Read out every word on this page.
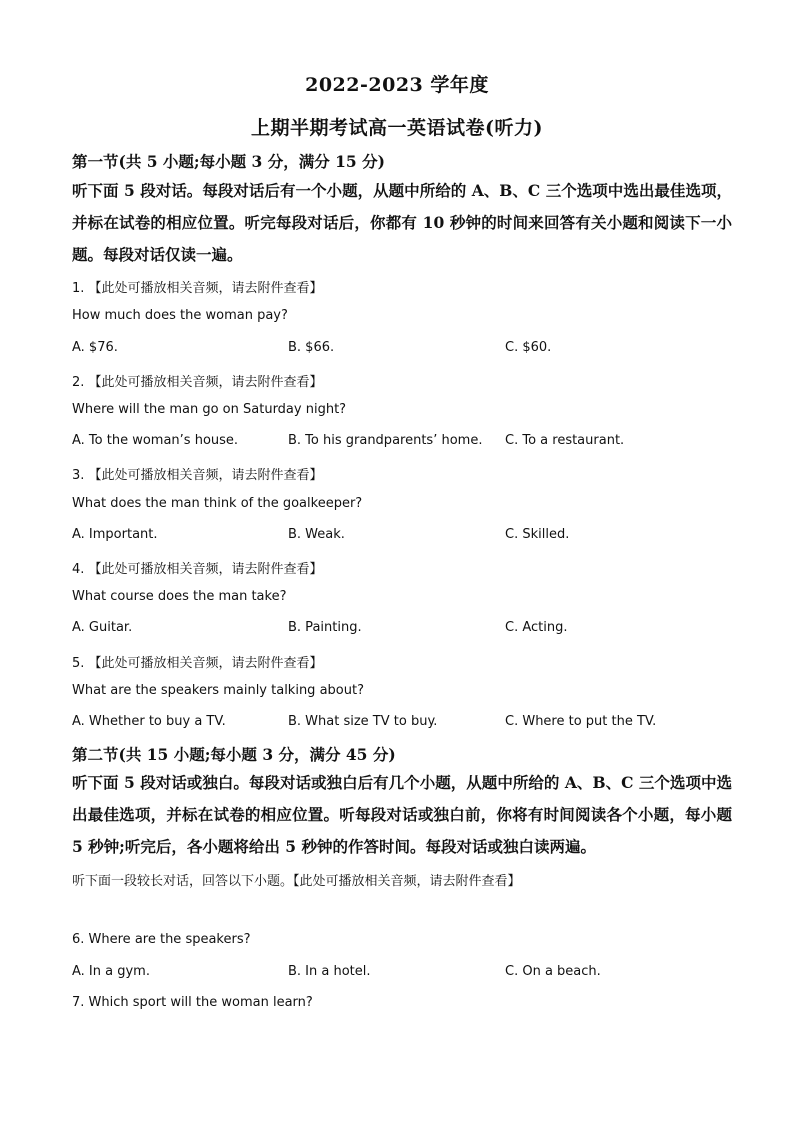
2022-2023 学年度
上期半期考试高一英语试卷(听力)
第一节(共 5 小题;每小题 3 分，满分 15 分)
听下面 5 段对话。每段对话后有一个小题，从题中所给的 A、B、C 三个选项中选出最佳选项，并标在试卷的相应位置。听完每段对话后，你都有 10 秒钟的时间来回答有关小题和阅读下一小题。每段对话仅读一遍。
1. 【此处可播放相关音频，请去附件查看】
How much does the woman pay?
A. $76.	B. $66.	C. $60.
2. 【此处可播放相关音频，请去附件查看】
Where will the man go on Saturday night?
A. To the woman’s house.	B. To his grandparents’ home. C. To a restaurant.
3. 【此处可播放相关音频，请去附件查看】
What does the man think of the goalkeeper?
A. Important.	B. Weak.	C. Skilled.
4. 【此处可播放相关音频，请去附件查看】
What course does the man take?
A. Guitar.	B. Painting.	C. Acting.
5. 【此处可播放相关音频，请去附件查看】
What are the speakers mainly talking about?
A. Whether to buy a TV.	B. What size TV to buy.	C. Where to put the TV.
第二节(共 15 小题;每小题 3 分，满分 45 分)
听下面 5 段对话或独白。每段对话或独白后有几个小题，从题中所给的 A、B、C 三个选项中选出最佳选项，并标在试卷的相应位置。听每段对话或独白前，你将有时间阅读各个小题，每小题 5 秒钟;听完后，各小题将给出 5 秒钟的作答时间。每段对话或独白读两遍。
听下面一段较长对话，回答以下小题。【此处可播放相关音频，请去附件查看】
6. Where are the speakers?
A. In a gym.	B. In a hotel.	C. On a beach.
7. Which sport will the woman learn?
